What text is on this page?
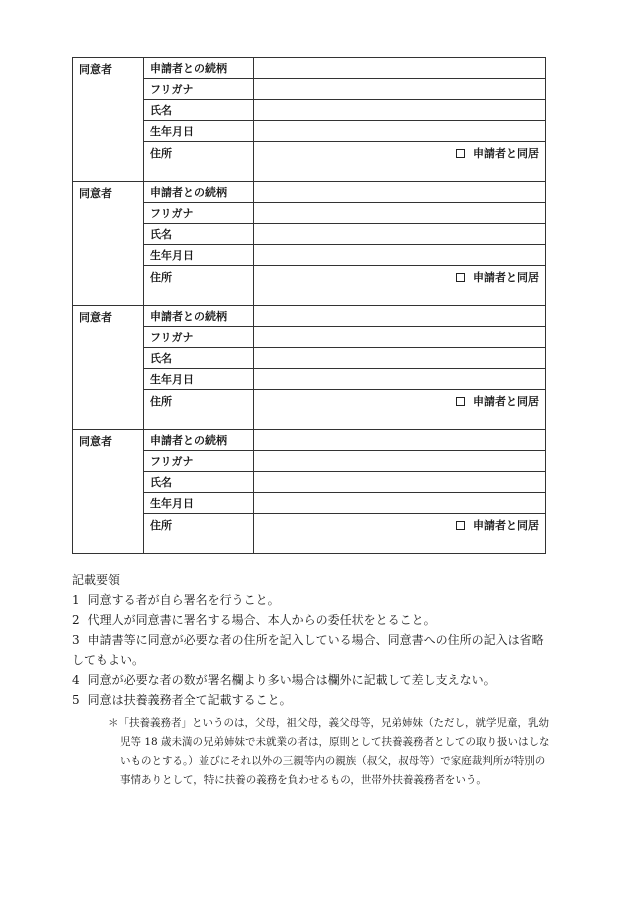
同意者	申請者との続柄	
	フリガナ	
	氏名	
	生年月日	
	住所	申請者と同居

同意者	申請者との続柄	
	フリガナ	
	氏名	
	生年月日	
	住所	申請者と同居

同意者	申請者との続柄	
	フリガナ	
	氏名	
	生年月日	
	住所	申請者と同居

同意者	申請者との続柄	
	フリガナ	
	氏名	
	生年月日	
	住所	申請者と同居

記載要領

1 同意する者が自ら署名を行うこと。

2 代理人が同意書に署名する場合、本人からの委任状をとること。

3 申請書等に同意が必要な者の住所を記入している場合、同意書への住所の記入は省略してもよい。

4 同意が必要な者の数が署名欄より多い場合は欄外に記載して差し支えない。

5 同意は扶養義務者全て記載すること。

＊「扶養義務者」というのは，父母，祖父母，義父母等，兄弟姉妹（ただし，就学児童，乳幼児等 18 歳未満の兄弟姉妹で未就業の者は，原則として扶養義務者としての取り扱いはしないものとする。）並びにそれ以外の三親等内の親族（叔父，叔母等）で家庭裁判所が特別の事情ありとして，特に扶養の義務を負わせるもの，世帯外扶養義務者をいう。
